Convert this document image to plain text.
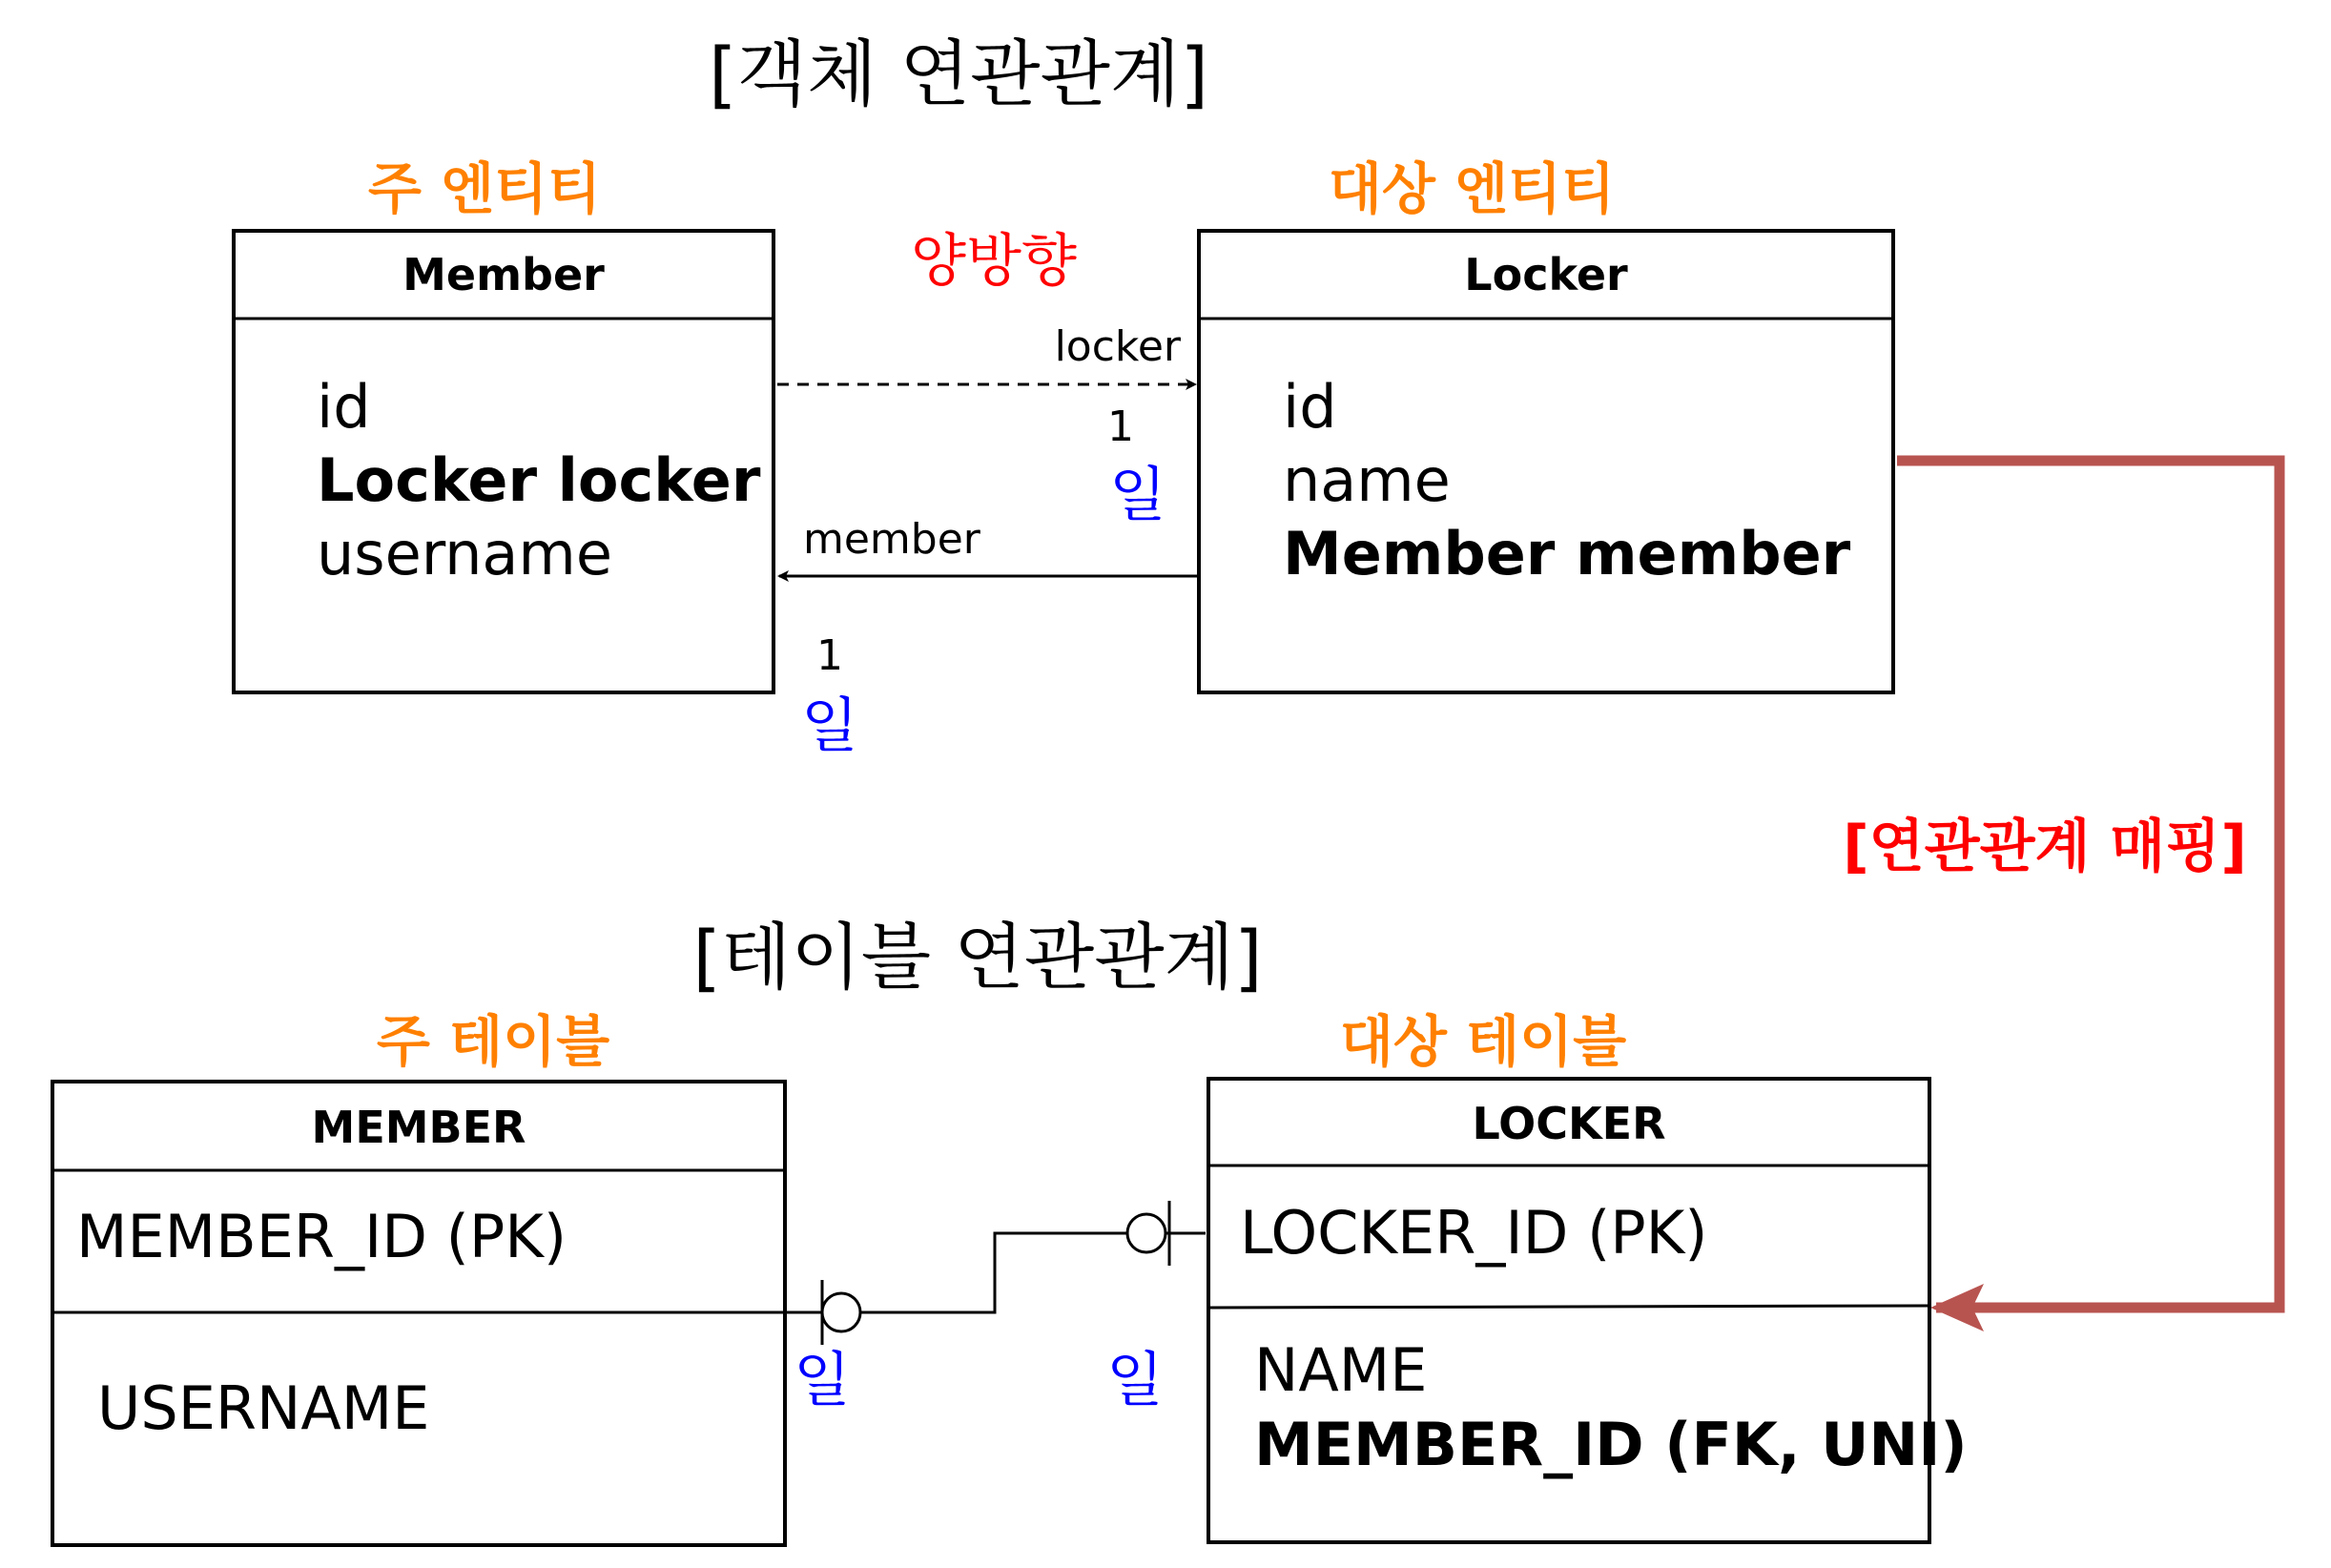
[객체 연관관계]
[테이블 연관관계]
주 엔티티	대상 엔티티
주 테이블	대상 테이블
양방향
Member
id
Locker locker
username
Locker
id
name
Member member
locker
1
일
member
1
일
[연관관계 매핑]
MEMBER
MEMBER_ID (PK)
USERNAME
LOCKER
LOCKER_ID (PK)
NAME
MEMBER_ID (FK, UNI)
일	일
